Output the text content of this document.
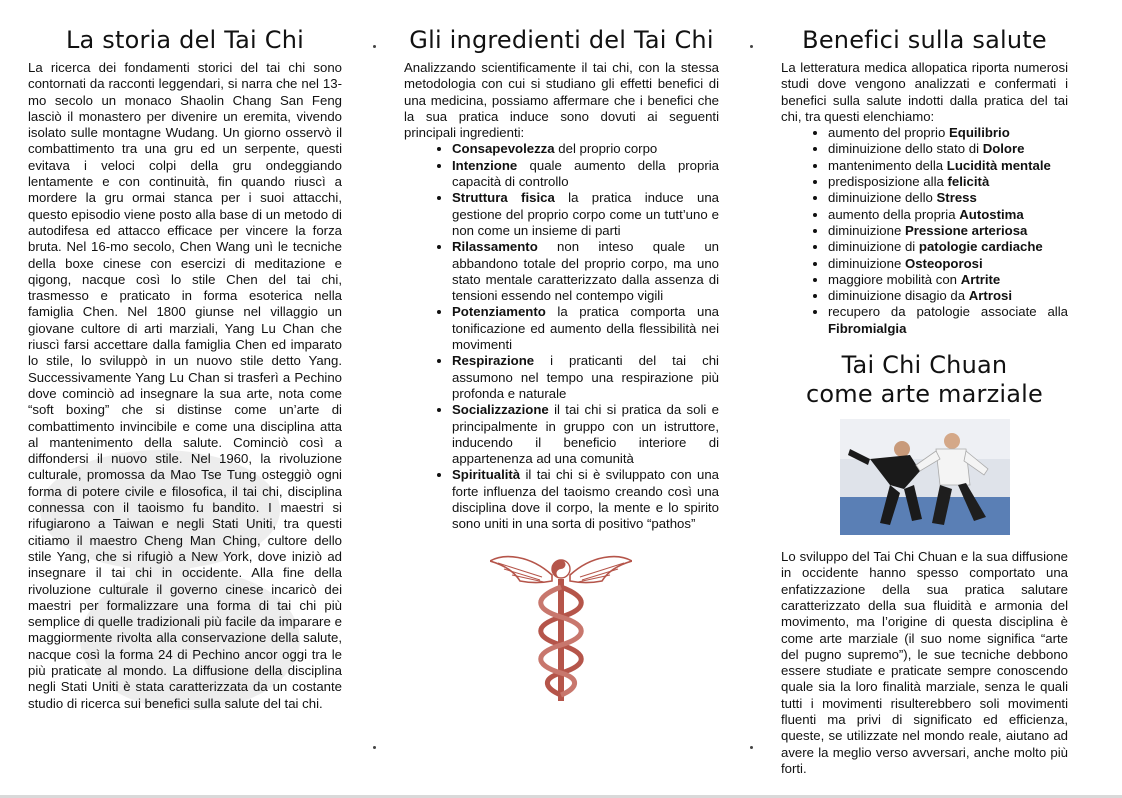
La storia del Tai Chi

La ricerca dei fondamenti storici del tai chi sono contornati da racconti leggendari, si narra che nel 13-mo secolo un monaco Shaolin Chang San Feng lasciò il monastero per divenire un eremita, vivendo isolato sulle montagne Wudang. Un giorno osservò il combattimento tra una gru ed un serpente, questi evitava i veloci colpi della gru ondeggiando lentamente e con continuità, fin quando riuscì a mordere la gru ormai stanca per i suoi attacchi, questo episodio viene posto alla base di un metodo di autodifesa ed attacco efficace per vincere la forza bruta. Nel 16-mo secolo, Chen Wang unì le tecniche della boxe cinese con esercizi di meditazione e qigong, nacque così lo stile Chen del tai chi, trasmesso e praticato in forma esoterica nella famiglia Chen. Nel 1800 giunse nel villaggio un giovane cultore di arti marziali, Yang Lu Chan che riuscì farsi accettare dalla famiglia Chen ed imparato lo stile, lo sviluppò in un nuovo stile detto Yang. Successivamente Yang Lu Chan si trasferì a Pechino dove cominciò ad insegnare la sua arte, nota come “soft boxing” che si distinse come un’arte di combattimento invincibile e come una disciplina atta al mantenimento della salute. Cominciò così a diffondersi il nuovo stile. Nel 1960, la rivoluzione culturale, promossa da Mao Tse Tung osteggiò ogni forma di potere civile e filosofica, il tai chi, disciplina connessa con il taoismo fu bandito. I maestri si rifugiarono a Taiwan e negli Stati Uniti, tra questi citiamo il maestro Cheng Man Ching, cultore dello stile Yang, che si rifugiò a New York, dove iniziò ad insegnare il tai chi in occidente. Alla fine della rivoluzione culturale il governo cinese incaricò dei maestri per formalizzare una forma di tai chi più semplice di quelle tradizionali più facile da imparare e maggiormente rivolta alla conservazione della salute, nacque così la forma 24 di Pechino ancor oggi tra le più praticate al mondo. La diffusione della disciplina negli Stati Uniti è stata caratterizzata da un costante studio di ricerca sui benefici sulla salute del tai chi.

Gli ingredienti del Tai Chi

Analizzando scientificamente il tai chi, con la stessa metodologia con cui si studiano gli effetti benefici di una medicina, possiamo affermare che i benefici che la sua pratica induce sono dovuti ai seguenti principali ingredienti:

• Consapevolezza del proprio corpo
• Intenzione quale aumento della propria capacità di controllo
• Struttura fisica la pratica induce una gestione del proprio corpo come un tutt’uno e non come un insieme di parti
• Rilassamento non inteso quale un abbandono totale del proprio corpo, ma uno stato mentale caratterizzato dalla assenza di tensioni essendo nel contempo vigili
• Potenziamento la pratica comporta una tonificazione ed aumento della flessibilità nei movimenti
• Respirazione i praticanti del tai chi assumono nel tempo una respirazione più profonda e naturale
• Socializzazione il tai chi si pratica da soli e principalmente in gruppo con un istruttore, inducendo il beneficio interiore di appartenenza ad una comunità
• Spiritualità il tai chi si è sviluppato con una forte influenza del taoismo creando così una disciplina dove il corpo, la mente e lo spirito sono uniti in una sorta di positivo “pathos”
Benefici sulla salute

La letteratura medica allopatica riporta numerosi studi dove vengono analizzati e confermati i benefici sulla salute indotti dalla pratica del tai chi, tra questi elenchiamo:

• aumento del proprio Equilibrio
• diminuizione dello stato di Dolore
• mantenimento della Lucidità mentale
• predisposizione alla felicità
• diminuizione dello Stress
• aumento della propria Autostima
• diminuizione Pressione arteriosa
• diminuizione di patologie cardiache
• diminuizione Osteoporosi
• maggiore mobilità con Artrite
• diminuizione disagio da Artrosi
• recupero da patologie associate alla Fibromialgia
Tai Chi Chuan
come arte marziale

Lo sviluppo del Tai Chi Chuan e la sua diffusione in occidente hanno spesso comportato una enfatizzazione della sua pratica salutare caratterizzato della sua fluidità e armonia del movimento, ma l’origine di questa disciplina è come arte marziale (il suo nome significa “arte del pugno supremo”), le sue tecniche debbono essere studiate e praticate sempre conoscendo quale sia la loro finalità marziale, senza le quali tutti i movimenti risulterebbero soli movimenti fluenti ma privi di significato ed efficienza, queste, se utilizzate nel mondo reale, aiutano ad avere la meglio verso avversari, anche molto più forti.
